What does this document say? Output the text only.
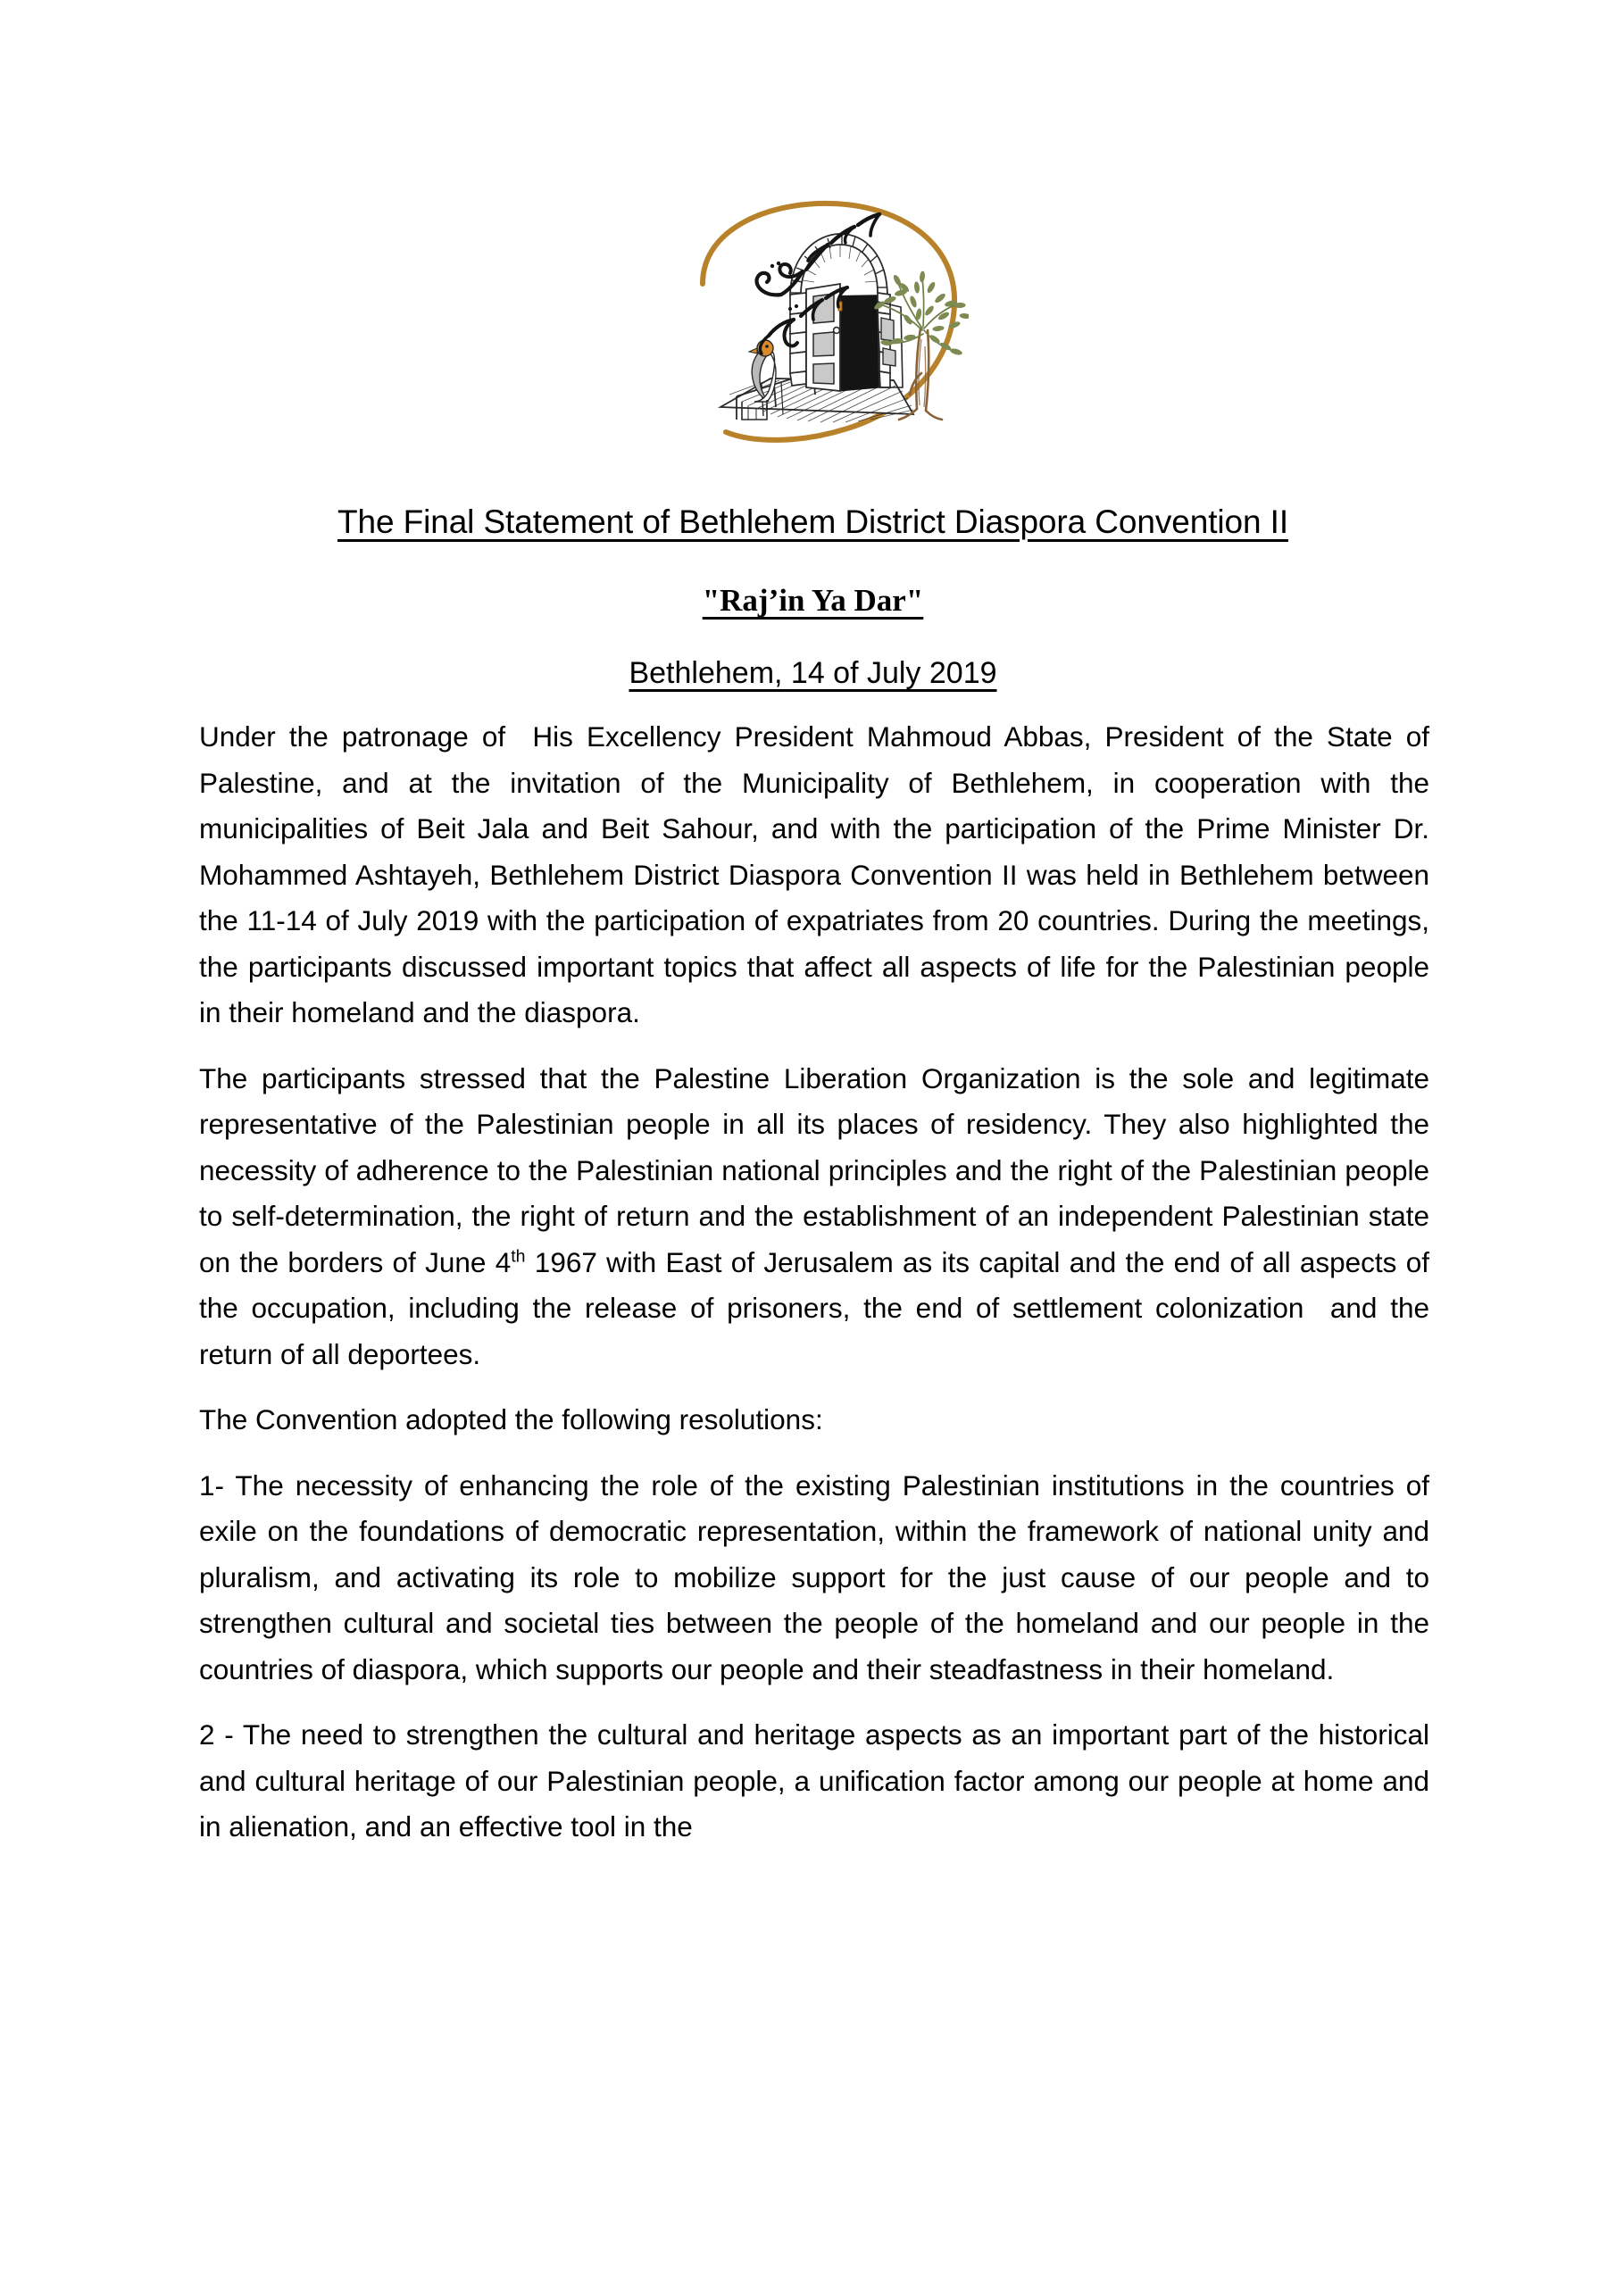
The Final Statement of Bethlehem District Diaspora Convention II
"Raj’in Ya Dar"
Bethlehem, 14 of July 2019

Under the patronage of  His Excellency President Mahmoud Abbas, President of the State of Palestine, and at the invitation of the Municipality of Bethlehem, in cooperation with the municipalities of Beit Jala and Beit Sahour, and with the participation of the Prime Minister Dr. Mohammed Ashtayeh, Bethlehem District Diaspora Convention II was held in Bethlehem between the 11-14 of July 2019 with the participation of expatriates from 20 countries. During the meetings, the participants discussed important topics that affect all aspects of life for the Palestinian people in their homeland and the diaspora.

The participants stressed that the Palestine Liberation Organization is the sole and legitimate representative of the Palestinian people in all its places of residency. They also highlighted the necessity of adherence to the Palestinian national principles and the right of the Palestinian people to self-determination, the right of return and the establishment of an independent Palestinian state on the borders of June 4th 1967 with East of Jerusalem as its capital and the end of all aspects of the occupation, including the release of prisoners, the end of settlement colonization  and the return of all deportees.

The Convention adopted the following resolutions:

1- The necessity of enhancing the role of the existing Palestinian institutions in the countries of exile on the foundations of democratic representation, within the framework of national unity and pluralism, and activating its role to mobilize support for the just cause of our people and to strengthen cultural and societal ties between the people of the homeland and our people in the countries of diaspora, which supports our people and their steadfastness in their homeland.

2 - The need to strengthen the cultural and heritage aspects as an important part of the historical and cultural heritage of our Palestinian people, a unification factor among our people at home and in alienation, and an effective tool in the
